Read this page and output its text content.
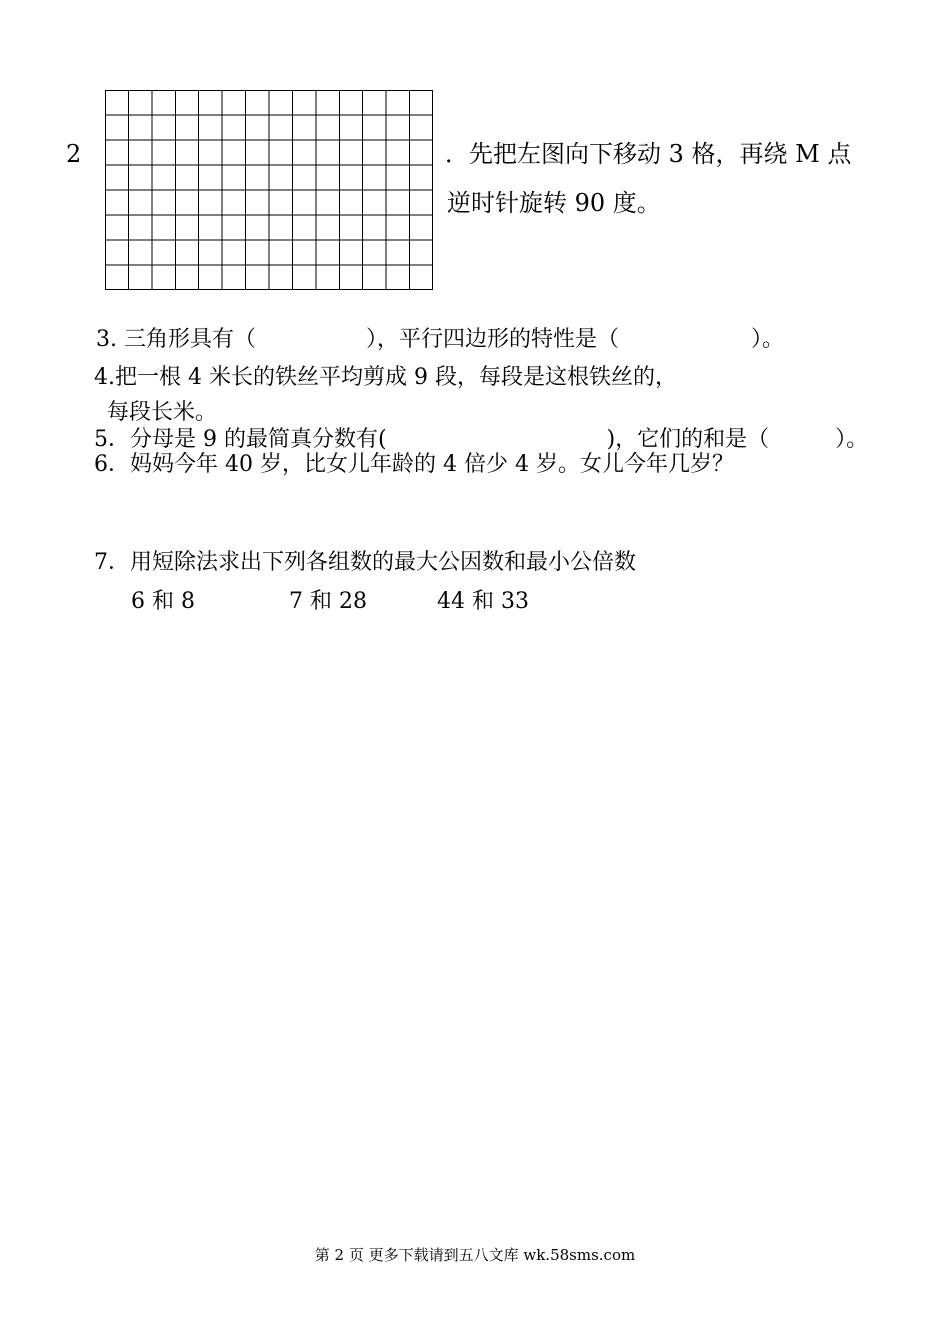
2	．先把左图向下移动 3 格，再绕 M 点
逆时针旋转 90 度。
3. 三角形具有（　　　　　），平行四边形的特性是（　　　　　　）。
4.把一根 4 米长的铁丝平均剪成 9 段，每段是这根铁丝的，
每段长米。
5．分母是 9 的最简真分数有(　　　　　　　　　　)，它们的和是（　　　）。
6．妈妈今年 40 岁，比女儿年龄的 4 倍少 4 岁。女儿今年几岁？
7．用短除法求出下列各组数的最大公因数和最小公倍数
6 和 8	7 和 28	44 和 33
第 2 页 更多下载请到五八文库 wk.58sms.com
